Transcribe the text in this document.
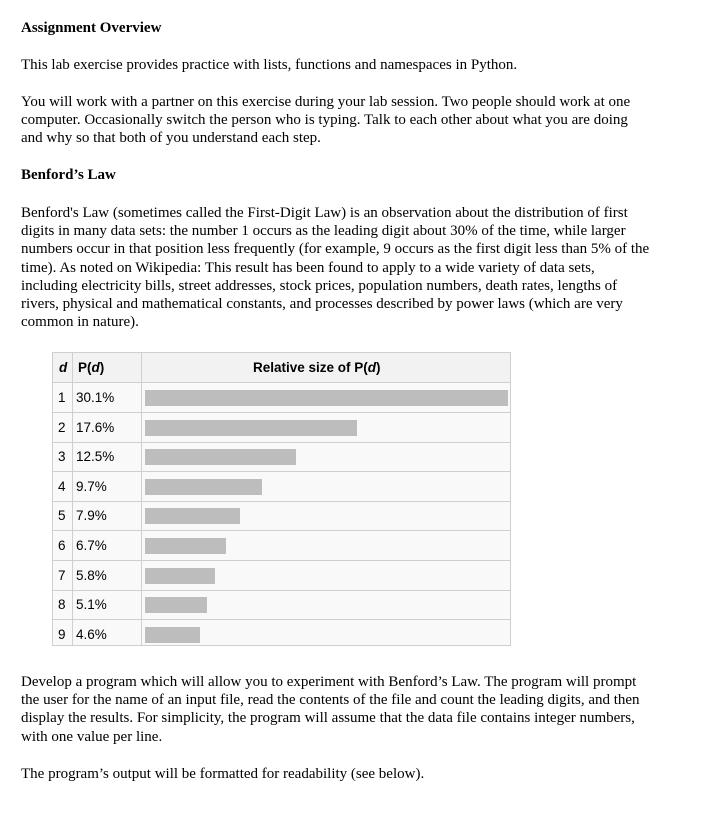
Assignment Overview

This lab exercise provides practice with lists, functions and namespaces in Python.

You will work with a partner on this exercise during your lab session. Two people should work at one
computer. Occasionally switch the person who is typing. Talk to each other about what you are doing
and why so that both of you understand each step.

Benford’s Law

Benford's Law (sometimes called the First-Digit Law) is an observation about the distribution of first
digits in many data sets: the number 1 occurs as the leading digit about 30% of the time, while larger
numbers occur in that position less frequently (for example, 9 occurs as the first digit less than 5% of the
time). As noted on Wikipedia: This result has been found to apply to a wide variety of data sets,
including electricity bills, street addresses, stock prices, population numbers, death rates, lengths of
rivers, physical and mathematical constants, and processes described by power laws (which are very
common in nature).

d P(d)	Relative size of P(d)
1 30.1%
2 17.6%
3 12.5%
4 9.7%
5 7.9%
6 6.7%
7 5.8%
8 5.1%
9 4.6%

Develop a program which will allow you to experiment with Benford’s Law. The program will prompt
the user for the name of an input file, read the contents of the file and count the leading digits, and then
display the results. For simplicity, the program will assume that the data file contains integer numbers,
with one value per line.

The program’s output will be formatted for readability (see below).
